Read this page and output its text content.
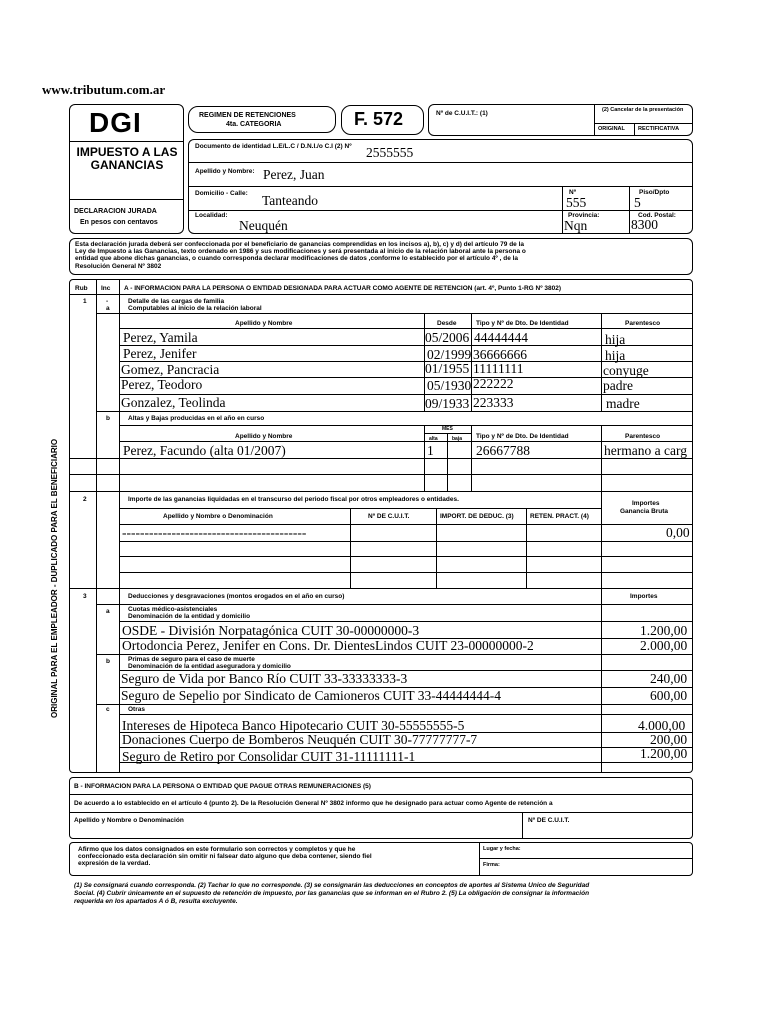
www.tributum.com.ar
ORIGINAL PARA EL EMPLEADOR - DUPLICADO PARA EL BENEFICIARIO
DGI
IMPUESTO A LAS GANANCIAS
DECLARACION JURADA
En pesos con centavos
REGIMEN DE RETENCIONES
4ta. CATEGORIA	F. 572	Nº de C.U.I.T.: (1)	(2) Cancelar de la presentación
ORIGINAL RECTIFICATIVA
Documento de identidad L.E/L.C / D.N.I./o C.I (2) Nº 2555555
Apellido y Nombre: Perez, Juan
Domicilio - Calle: Tanteando
Nº
555
Piso/Dpto
5
Localidad:
Neuquén
Provincia:
Nqn
Cod. Postal:
8300
Esta declaración jurada deberá ser confeccionada por el beneficiario de ganancias comprendidas en los incisos a), b), c) y d) del artículo 79 de la
Ley de Impuesto a las Ganancias, texto ordenado en 1986 y sus modificaciones y será presentada al inicio de la relación laboral ante la persona o
entidad que abone dichas ganancias, o cuando corresponda declarar modificaciones de datos ,conforme lo establecido por el artículo 4º , de la
Resolución General Nº 3802
Rub Inc A - INFORMACION PARA LA PERSONA O ENTIDAD DESIGNADA PARA ACTUAR COMO AGENTE DE RETENCION (art. 4º, Punto 1-RG Nº 3802)
1	-
a
Detalle de las cargas de familia
Computables al inicio de la relación laboral
Apellido y Nombre	Desde	Tipo y Nº de Dto. De Identidad	Parentesco
Perez, Yamila	05/2006 44444444	hija
Perez, Jenifer	02/1999 36666666	hija
Gomez, Pancracia	01/1955 11111111	conyuge
Perez, Teodoro	05/1930 222222	padre
Gonzalez, Teolinda	09/1933 223333	madre
b	Altas y Bajas producidas en el año en curso
Apellido y Nombre
MES
alta	baja Tipo y Nº de Dto. De Identidad	Parentesco
Perez, Facundo (alta 01/2007)	1	26667788	hermano a carg
2	Importe de las ganancias liquidadas en el transcurso del periodo fiscal por otros empleadores o entidades.
Importes
Ganancia Bruta
Apellido y Nombre o Denominación	Nº DE C.U.I.T.	IMPORT. DE DEDUC. (3)	RETEN. PRACT. (4)
-----------------------------------------	0,00
3	Deducciones y desgravaciones (montos erogados en el año en curso)	Importes
a	Cuotas médico-asistenciales
Denominación de la entidad y domicilio
OSDE - División Norpatagónica CUIT 30-00000000-3	1.200,00
Ortodoncia Perez, Jenifer en Cons. Dr. DientesLindos CUIT 23-00000000-2	2.000,00
b	Primas de seguro para el caso de muerte
Denominación de la entidad aseguradora y domicilio
Seguro de Vida por Banco Río CUIT 33-33333333-3	240,00
Seguro de Sepelio por Sindicato de Camioneros CUIT 33-44444444-4	600,00
c	Otras
Intereses de Hipoteca Banco Hipotecario CUIT 30-55555555-5	4.000,00
Donaciones Cuerpo de Bomberos Neuquén CUIT 30-77777777-7	200,00
Seguro de Retiro por Consolidar CUIT 31-11111111-1	1.200,00
B - INFORMACION PARA LA PERSONA O ENTIDAD QUE PAGUE OTRAS REMUNERACIONES (5)
De acuerdo a lo establecido en el artículo 4 (punto 2). De la Resolución General Nº 3802 informo que he designado para actuar como Agente de retención a
Apellido y Nombre o Denominación	Nº DE C.U.I.T.
Afirmo que los datos consignados en este formulario son correctos y completos y que he
confeccionado esta declaración sin omitir ni falsear dato alguno que deba contener, siendo fiel
expresión de la verdad.
Lugar y fecha:
Firma:
(1) Se consignará cuando corresponda. (2) Tachar lo que no corresponde. (3) se consignarán las deducciones en conceptos de aportes al Sistema Unico de Seguridad
Social. (4) Cubrir únicamente en el supuesto de retención de impuesto, por las ganancias que se informan en el Rubro 2. (5) La obligación de consignar la información
requerida en los apartados A ó B, resulta excluyente.
